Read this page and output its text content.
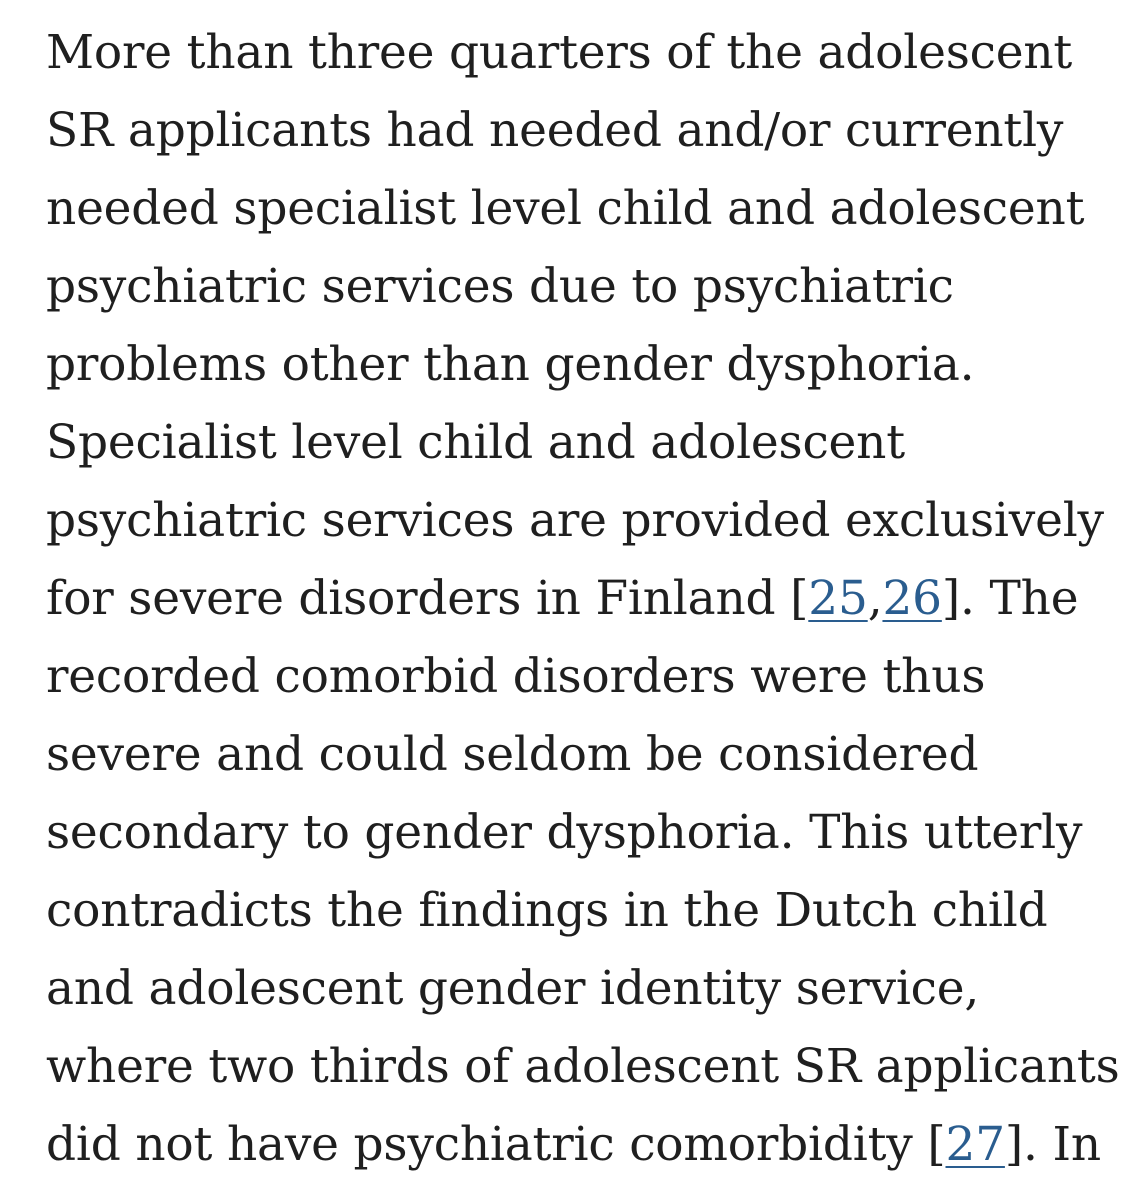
More than three quarters of the adolescent
SR applicants had needed and/or currently
needed specialist level child and adolescent
psychiatric services due to psychiatric
problems other than gender dysphoria.
Specialist level child and adolescent
psychiatric services are provided exclusively
for severe disorders in Finland [25,26]. The
recorded comorbid disorders were thus
severe and could seldom be considered
secondary to gender dysphoria. This utterly
contradicts the findings in the Dutch child
and adolescent gender identity service,
where two thirds of adolescent SR applicants
did not have psychiatric comorbidity [27]. In
